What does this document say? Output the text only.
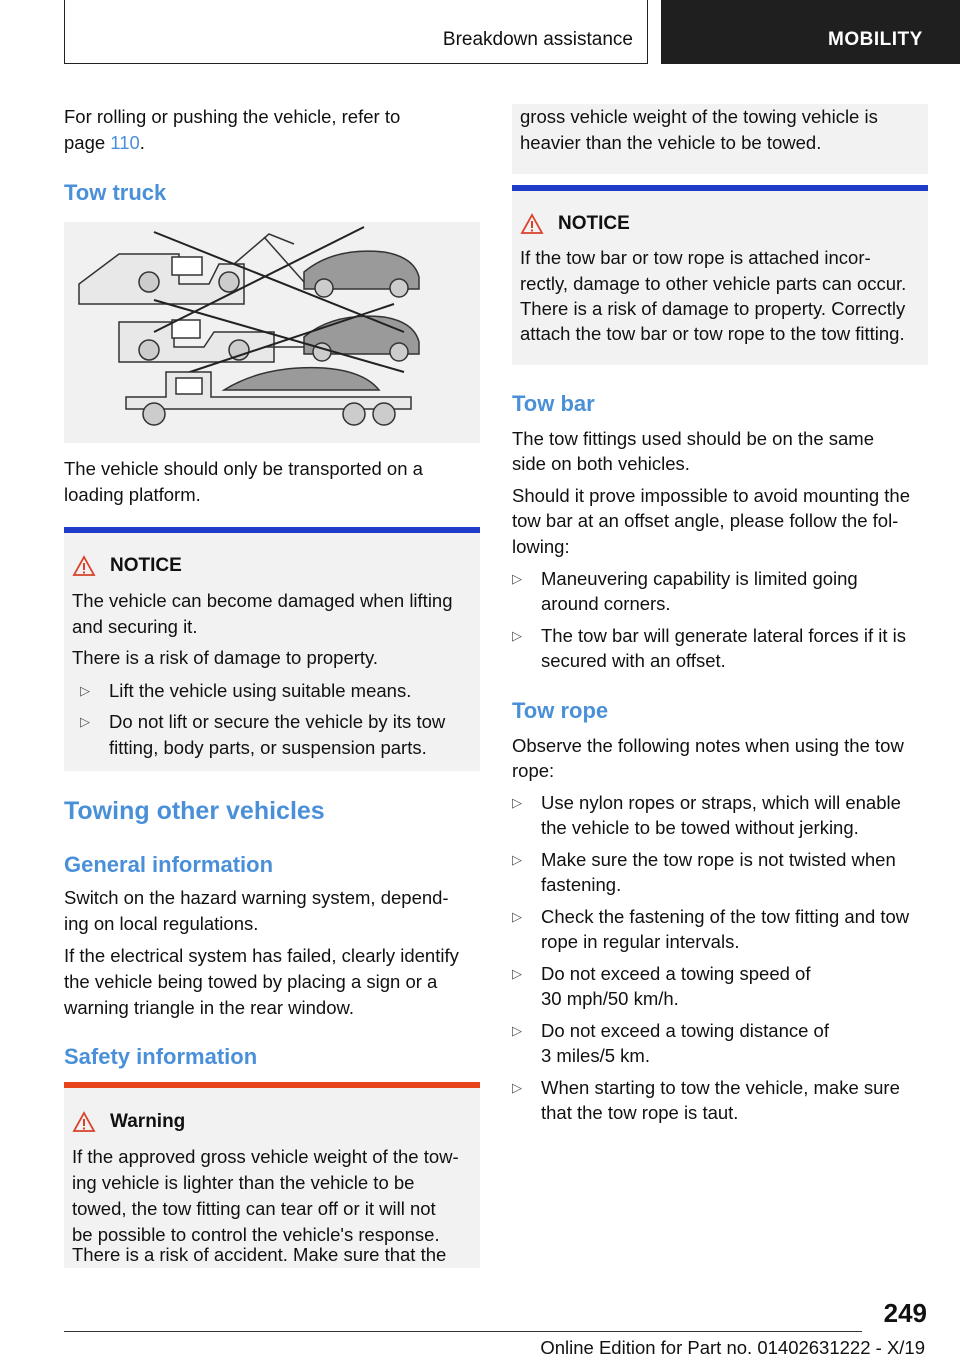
Breakdown assistance	MOBILITY

For rolling or pushing the vehicle, refer to

page 110.

Tow truck

The vehicle should only be transported on a

loading platform.

NOTICE

The vehicle can become damaged when lifting

and securing it.

There is a risk of damage to property.

▷ Lift the vehicle using suitable means.
▷ Do not lift or secure the vehicle by its tow
fitting, body parts, or suspension parts.
Towing other vehicles
General information

Switch on the hazard warning system, depend-

ing on local regulations.

If the electrical system has failed, clearly identify

the vehicle being towed by placing a sign or a

warning triangle in the rear window.

Safety information
Warning

If the approved gross vehicle weight of the tow-

ing vehicle is lighter than the vehicle to be

towed, the tow fitting can tear off or it will not

be possible to control the vehicle's response.

There is a risk of accident. Make sure that the

gross vehicle weight of the towing vehicle is

heavier than the vehicle to be towed.

NOTICE

If the tow bar or tow rope is attached incor-

rectly, damage to other vehicle parts can occur.

There is a risk of damage to property. Correctly

attach the tow bar or tow rope to the tow fitting.

Tow bar

The tow fittings used should be on the same

side on both vehicles.

Should it prove impossible to avoid mounting the

tow bar at an offset angle, please follow the fol-

lowing:

▷ Maneuvering capability is limited going
around corners.
▷ The tow bar will generate lateral forces if it is
secured with an offset.
Tow rope

Observe the following notes when using the tow

rope:

▷ Use nylon ropes or straps, which will enable
the vehicle to be towed without jerking.
▷ Make sure the tow rope is not twisted when
fastening.
▷ Check the fastening of the tow fitting and tow
rope in regular intervals.
▷ Do not exceed a towing speed of
30 mph/50 km/h.
▷ Do not exceed a towing distance of
3 miles/5 km.
▷ When starting to tow the vehicle, make sure
that the tow rope is taut.
249
Online Edition for Part no. 01402631222 - X/19
